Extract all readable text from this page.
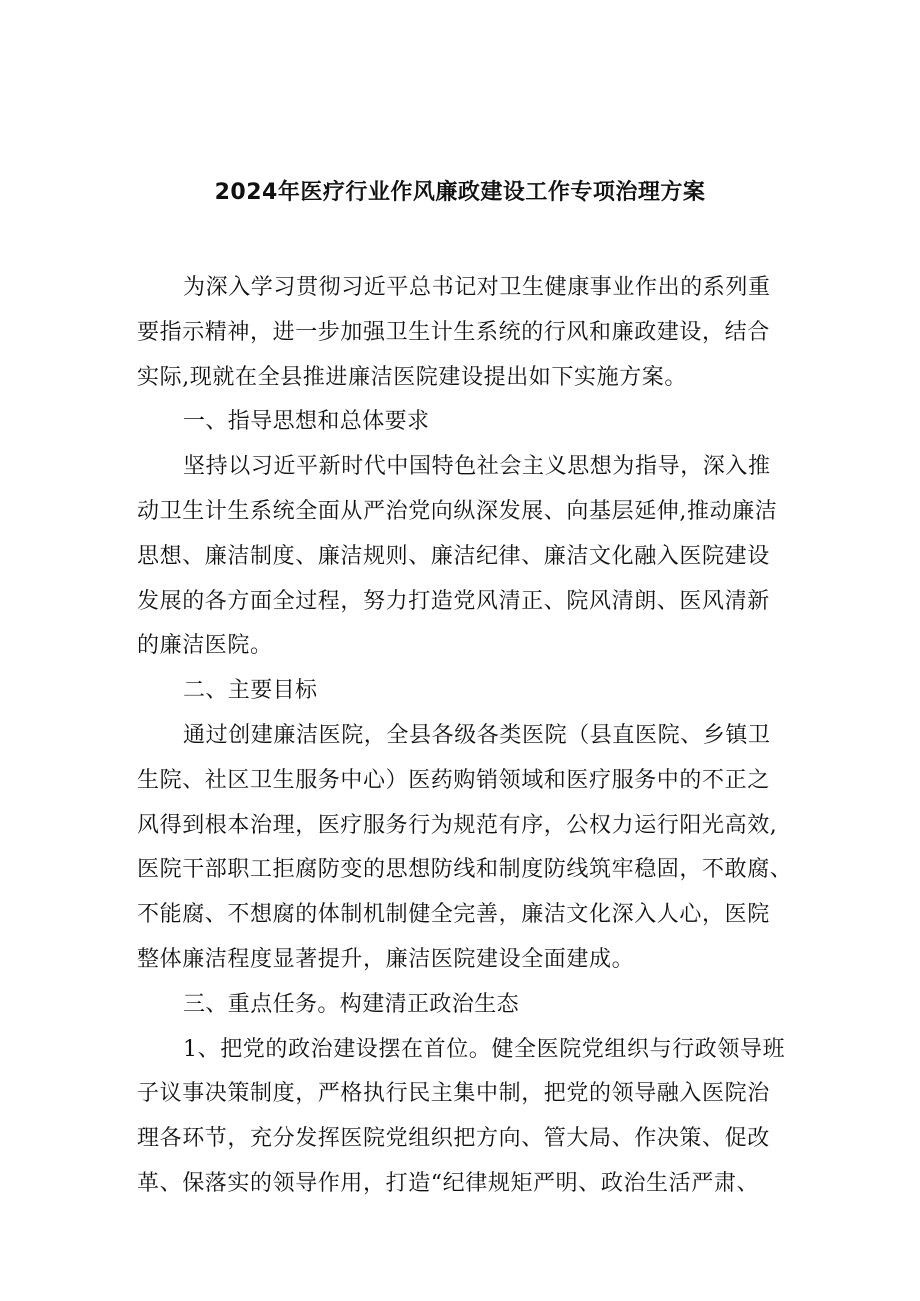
2024年医疗行业作风廉政建设工作专项治理方案
为深入学习贯彻习近平总书记对卫生健康事业作出的系列重
要指示精神，进一步加强卫生计生系统的行风和廉政建设，结合
实际,现就在全县推进廉洁医院建设提出如下实施方案。
一、指导思想和总体要求
坚持以习近平新时代中国特色社会主义思想为指导，深入推
动卫生计生系统全面从严治党向纵深发展、向基层延伸,推动廉洁
思想、廉洁制度、廉洁规则、廉洁纪律、廉洁文化融入医院建设
发展的各方面全过程，努力打造党风清正、院风清朗、医风清新
的廉洁医院。
二、主要目标
通过创建廉洁医院，全县各级各类医院（县直医院、乡镇卫
生院、社区卫生服务中心）医药购销领域和医疗服务中的不正之
风得到根本治理，医疗服务行为规范有序，公权力运行阳光高效,
医院干部职工拒腐防变的思想防线和制度防线筑牢稳固，不敢腐、
不能腐、不想腐的体制机制健全完善，廉洁文化深入人心，医院
整体廉洁程度显著提升，廉洁医院建设全面建成。
三、重点任务。构建清正政治生态
1、把党的政治建设摆在首位。健全医院党组织与行政领导班
子议事决策制度，严格执行民主集中制，把党的领导融入医院治
理各环节，充分发挥医院党组织把方向、管大局、作决策、促改
革、保落实的领导作用，打造“纪律规矩严明、政治生活严肃、
